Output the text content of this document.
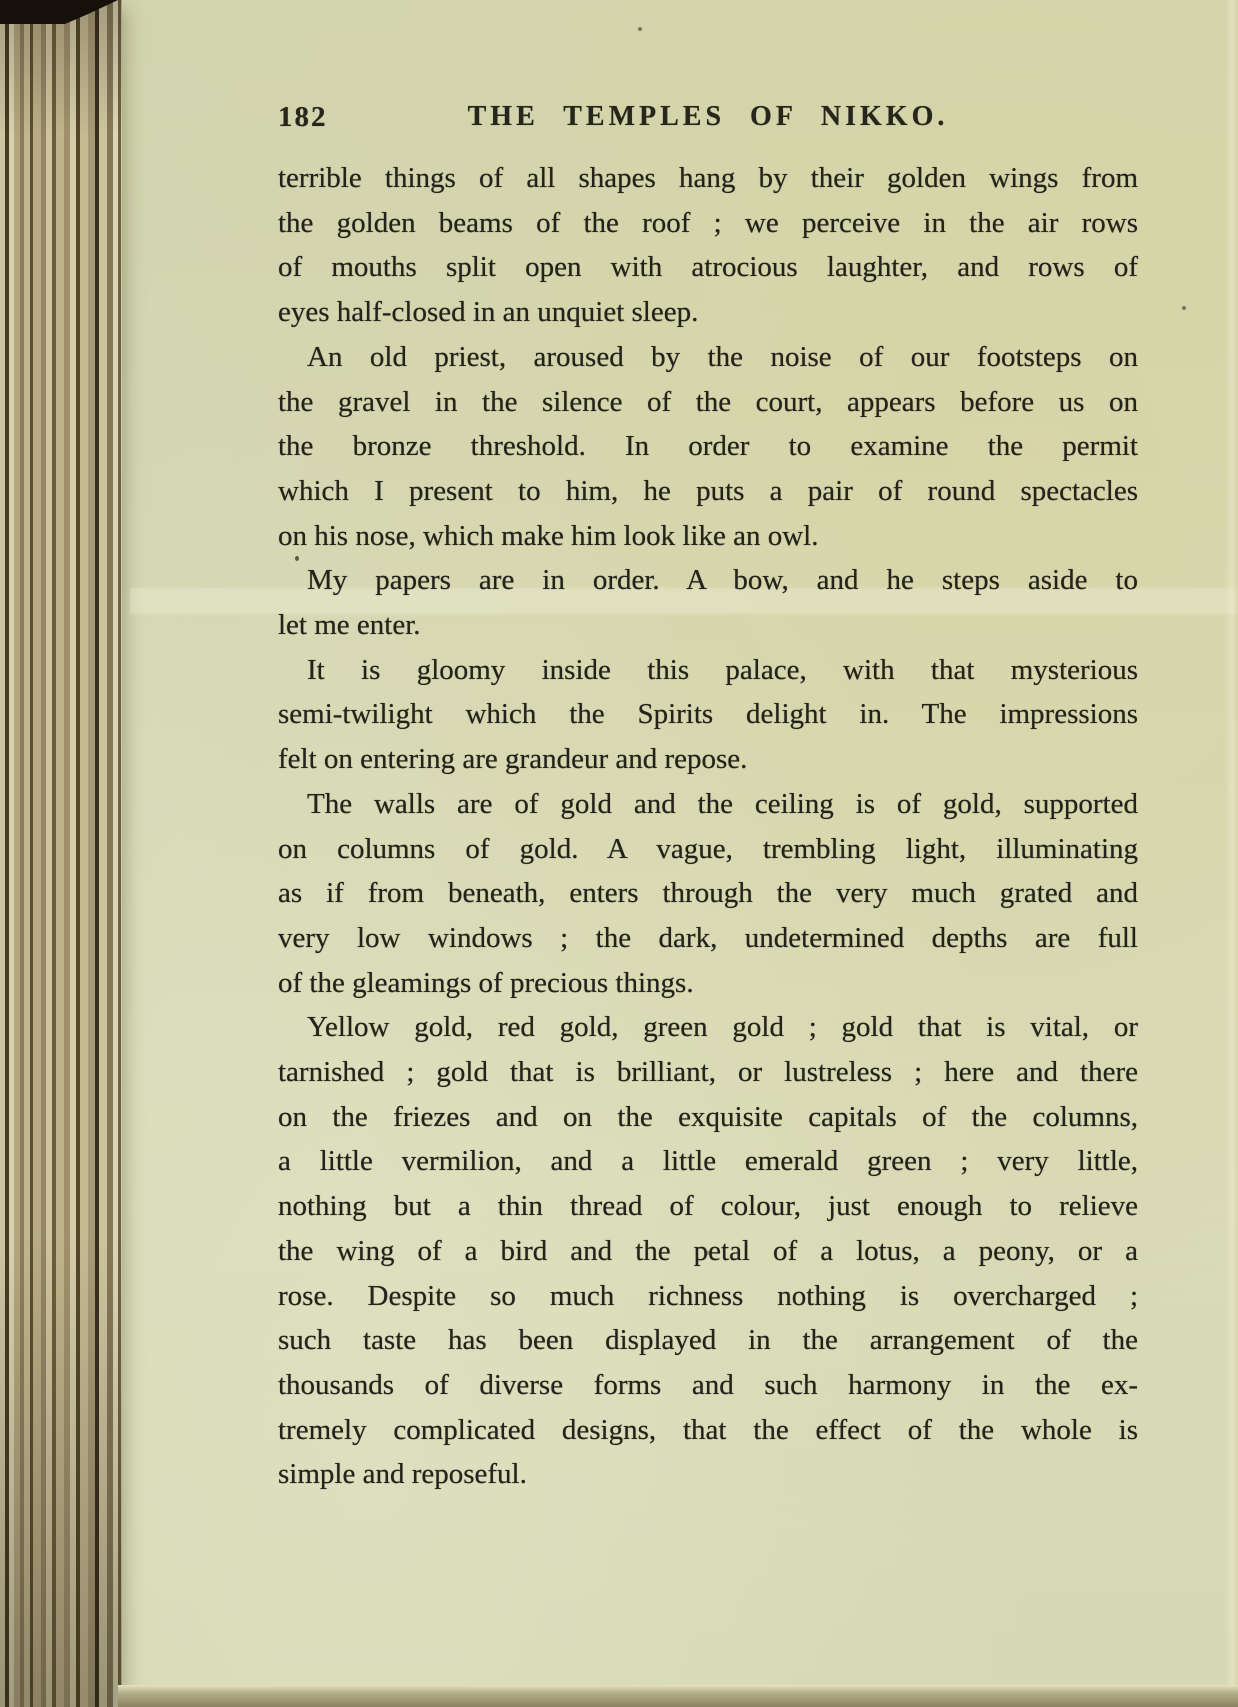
182	THE TEMPLES OF NIKKO.
terrible things of all shapes hang by their golden wings from
the golden beams of the roof ; we perceive in the air rows
of mouths split open with atrocious laughter, and rows of
eyes half-closed in an unquiet sleep.
An old priest, aroused by the noise of our footsteps on
the gravel in the silence of the court, appears before us on
the bronze threshold. In order to examine the permit
which I present to him, he puts a pair of round spectacles
on his nose, which make him look like an owl.
My papers are in order. A bow, and he steps aside to
let me enter.
It is gloomy inside this palace, with that mysterious
semi-twilight which the Spirits delight in. The impressions
felt on entering are grandeur and repose.
The walls are of gold and the ceiling is of gold, supported
on columns of gold. A vague, trembling light, illuminating
as if from beneath, enters through the very much grated and
very low windows ; the dark, undetermined depths are full
of the gleamings of precious things.
Yellow gold, red gold, green gold ; gold that is vital, or
tarnished ; gold that is brilliant, or lustreless ; here and there
on the friezes and on the exquisite capitals of the columns,
a little vermilion, and a little emerald green ; very little,
nothing but a thin thread of colour, just enough to relieve
the wing of a bird and the petal of a lotus, a peony, or a
rose. Despite so much richness nothing is overcharged ;
such taste has been displayed in the arrangement of the
thousands of diverse forms and such harmony in the ex-
tremely complicated designs, that the effect of the whole is
simple and reposeful.
